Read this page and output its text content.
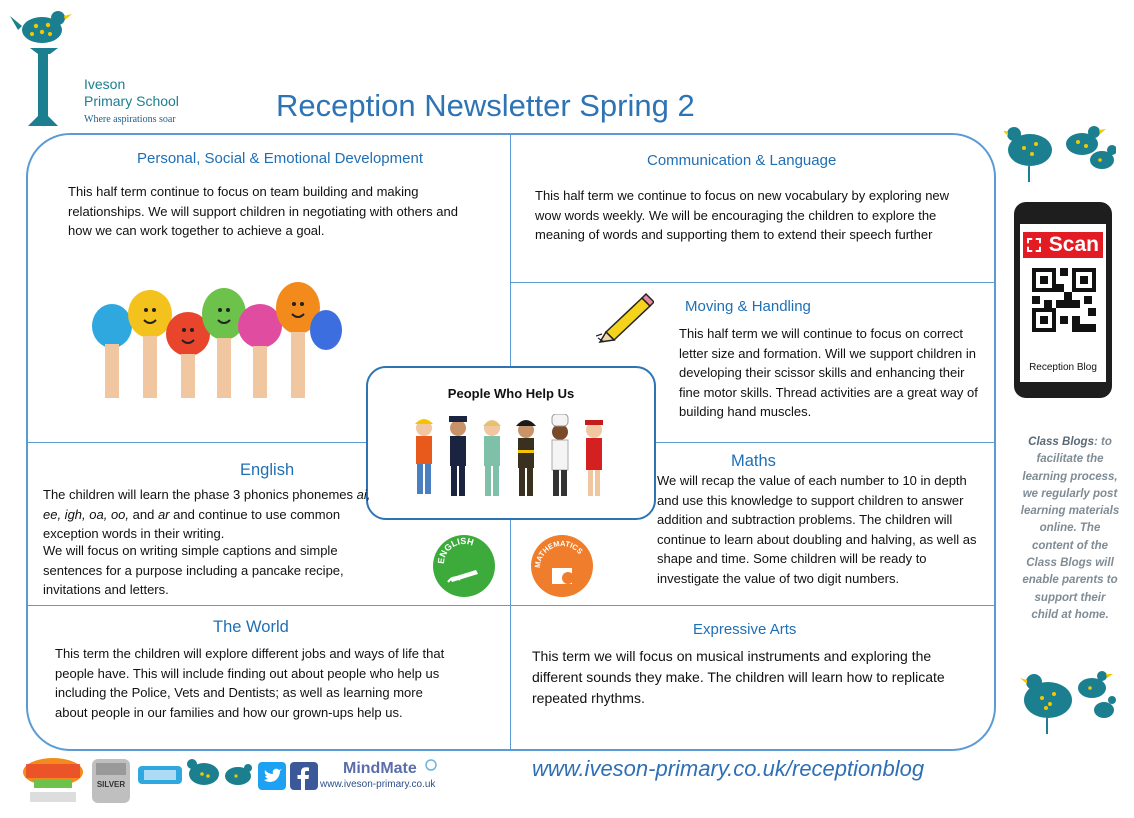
Iveson
Primary School
Where aspirations soar	Reception Newsletter Spring 2
Personal, Social & Emotional Development
This half term continue to focus on team building and making relationships. We will support children in negotiating with others and how we can work together to achieve a goal.
Communication & Language
This half term we continue to focus on new vocabulary by exploring new wow words weekly. We will be encouraging the children to explore the meaning of words and supporting them to extend their speech further
Moving & Handling
This half term we will continue to focus on correct letter size and formation. Will we support children in developing their scissor skills and enhancing their fine motor skills. Thread activities are a great way of building hand muscles.
People Who Help Us
English
The children will learn the phase 3 phonics phonemes ai, ee, igh, oa, oo, and ar and continue to use common exception words in their writing.
We will focus on writing simple captions and simple sentences for a purpose including a pancake recipe, invitations and letters.
ENGLISH
MATHEMATICS
Maths
We will recap the value of each number to 10 in depth and use this knowledge to support children to answer addition and subtraction problems. The children will continue to learn about doubling and halving, as well as shape and time. Some children will be ready to investigate the value of two digit numbers.
The World
This term the children will explore different jobs and ways of life that people have. This will include finding out about people who help us including the Police, Vets and Dentists; as well as learning more about people in our families and how our grown-ups help us.
Expressive Arts
This term we will focus on musical instruments and exploring the different sounds they make. The children will learn how to replicate repeated rhythms.
Scan
Reception Blog
Class Blogs: to facilitate the learning process, we regularly post learning materials online. The content of the Class Blogs will enable parents to support their child at home.
SILVER
MindMate
www.iveson-primary.co.uk
www.iveson-primary.co.uk/receptionblog
